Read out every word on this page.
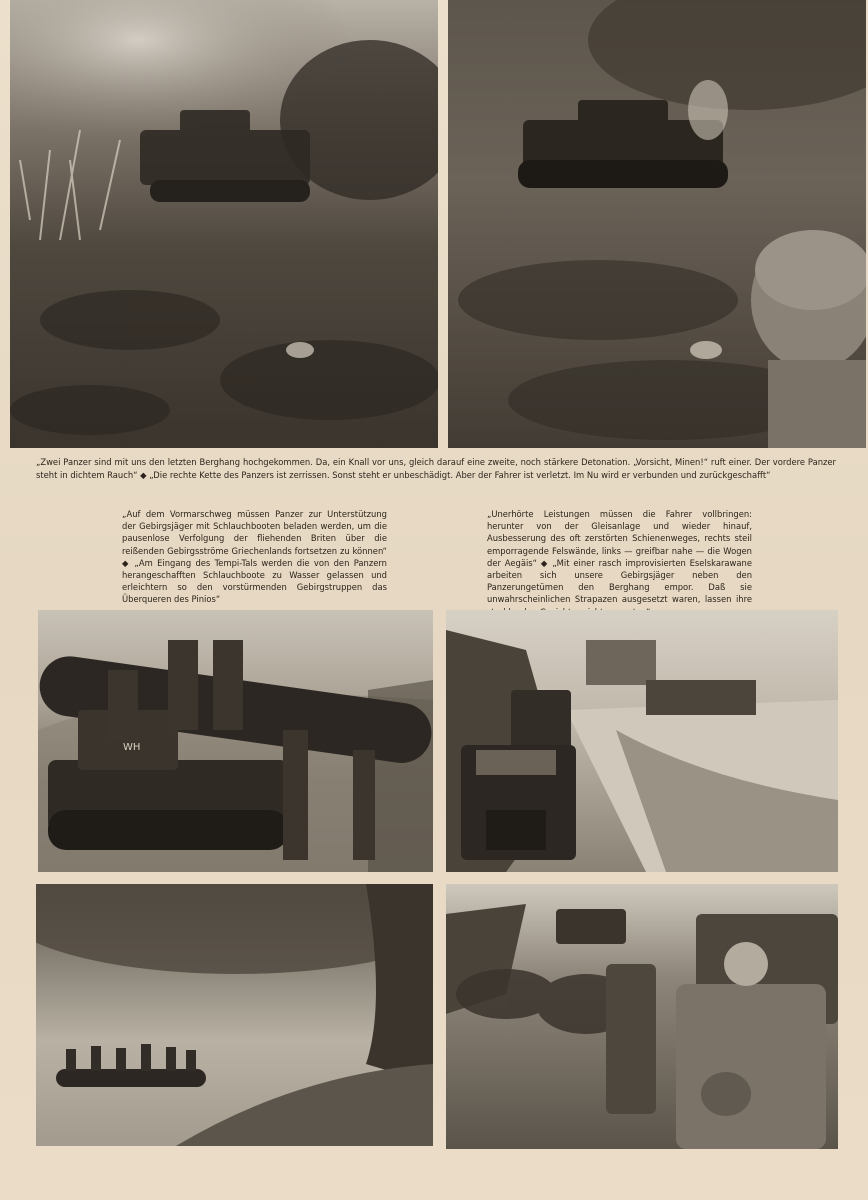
„Zwei Panzer sind mit uns den letzten Berghang hochgekommen. Da, ein Knall vor uns, gleich darauf eine zweite, noch stärkere Detonation. „Vorsicht, Minen!“ ruft einer. Der vordere Panzer steht in dichtem Rauch“ ◆ „Die rechte Kette des Panzers ist zerrissen. Sonst steht er unbeschädigt. Aber der Fahrer ist verletzt. Im Nu wird er verbunden und zurückgeschafft“

„Auf dem Vormarschweg müssen Panzer zur Unterstützung der Gebirgsjäger mit Schlauchbooten beladen werden, um die pausenlose Verfolgung der fliehenden Briten über die reißenden Gebirgsströme Griechenlands fortsetzen zu können“ ◆ „Am Eingang des Tempi-Tals werden die von den Panzern herangeschafften Schlauchboote zu Wasser gelassen und erleichtern so den vorstürmenden Gebirgstruppen das Überqueren des Pinios“

„Unerhörte Leistungen müssen die Fahrer vollbringen: herunter von der Gleisanlage und wieder hinauf, Ausbesserung des oft zerstörten Schienenweges, rechts steil emporragende Felswände, links — greifbar nahe — die Wogen der Aegäis“ ◆ „Mit einer rasch improvisierten Eselskarawane arbeiten sich unsere Gebirgsjäger neben den Panzerungetümen den Berghang empor. Daß sie unwahrscheinlichen Strapazen ausgesetzt waren, lassen ihre

WH
